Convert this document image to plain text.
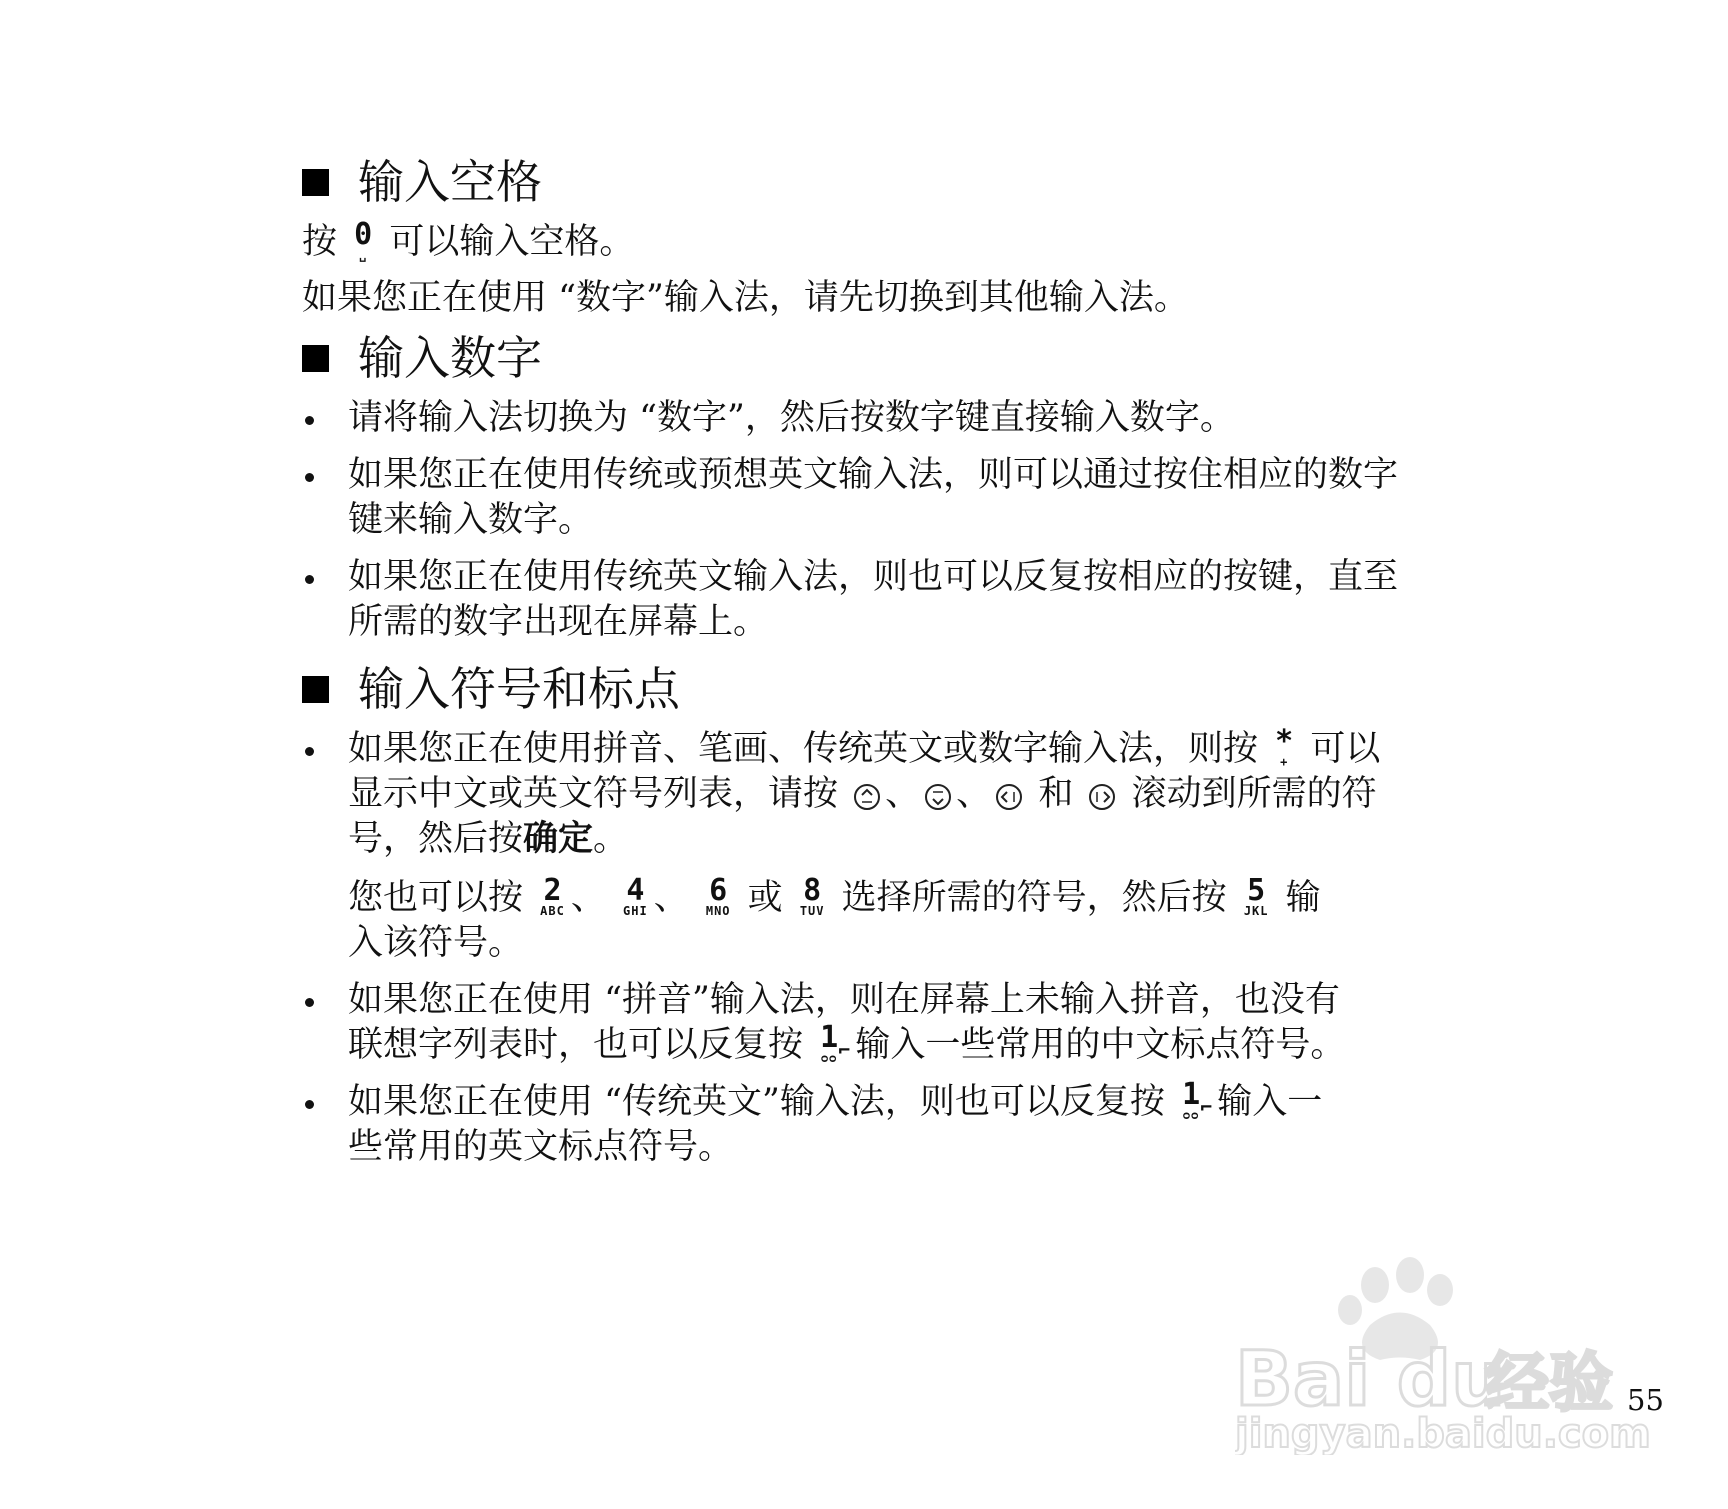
输入空格

按 0
␣ 可以输入空格。

如果您正在使用 “数字”输入法，请先切换到其他输入法。

输入数字
请将输入法切换为 “数字”，然后按数字键直接输入数字。
如果您正在使用传统或预想英文输入法，则可以通过按住相应的数字
键来输入数字。
如果您正在使用传统英文输入法，则也可以反复按相应的按键，直至
所需的数字出现在屏幕上。
输入符号和标点
如果您正在使用拼音、笔画、传统英文或数字输入法，则按 *
+ 可以
显示中文或英文符号列表，请按 、 、 和 滚动到所需的符
号，然后按确定。
您也可以按 2
ABC 、 4
GHI 、 6
MNO 或 8
TUV 选择所需的符号，然后按 5
JKL 输
入该符号。
如果您正在使用 “拼音”输入法，则在屏幕上未输入拼音，也没有
联想字列表时，也可以反复按 1
ᴑᴑ ⌐ 输入一些常用的中文标点符号。
如果您正在使用 “传统英文”输入法，则也可以反复按 1
ᴑᴑ ⌐ 输入一
些常用的英文标点符号。
Bai du
经验
jingyan.baidu.com
55
